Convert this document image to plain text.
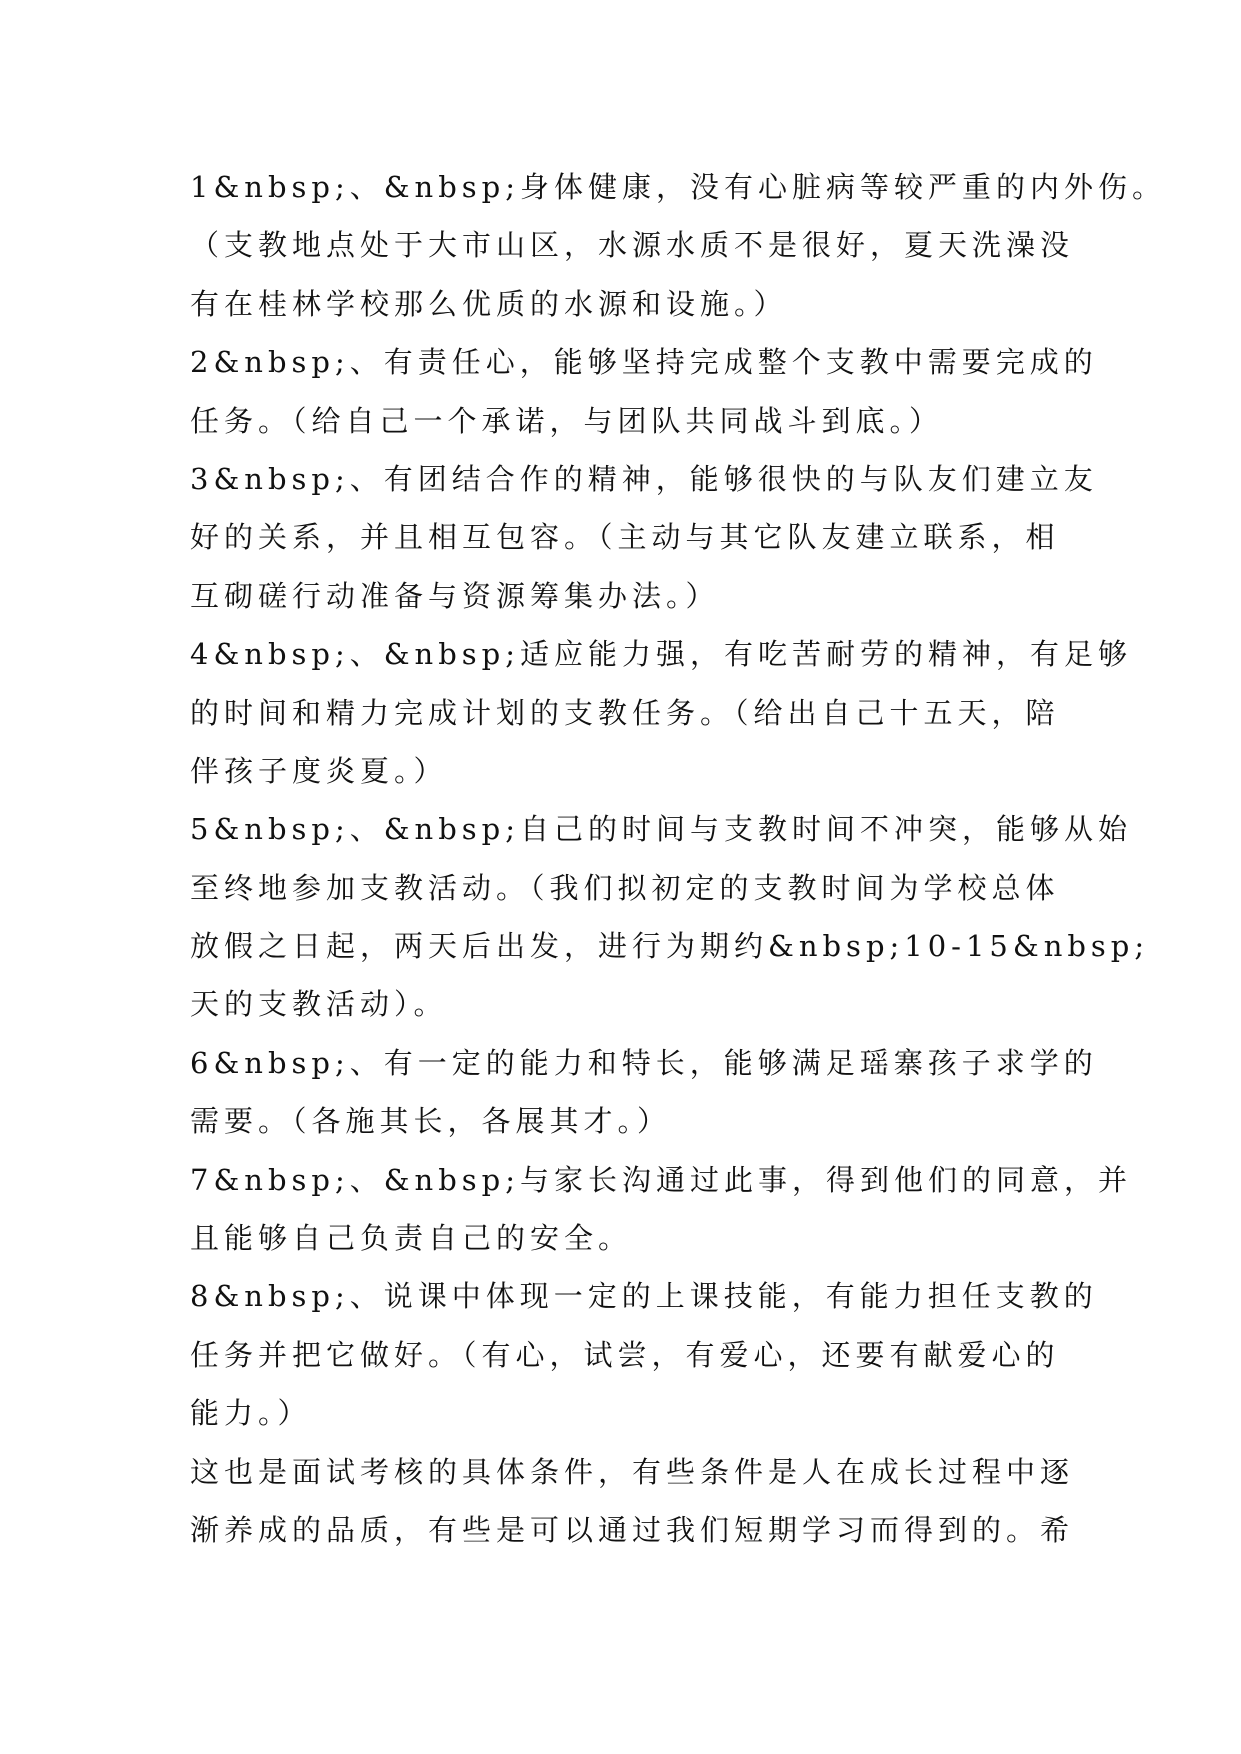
1&nbsp;、&nbsp;身体健康，没有心脏病等较严重的内外伤。
（支教地点处于大市山区，水源水质不是很好，夏天洗澡没
有在桂林学校那么优质的水源和设施。）
2&nbsp;、有责任心，能够坚持完成整个支教中需要完成的
任务。（给自己一个承诺，与团队共同战斗到底。）
3&nbsp;、有团结合作的精神，能够很快的与队友们建立友
好的关系，并且相互包容。（主动与其它队友建立联系，相
互砌磋行动准备与资源筹集办法。）
4&nbsp;、&nbsp;适应能力强，有吃苦耐劳的精神，有足够
的时间和精力完成计划的支教任务。（给出自己十五天，陪
伴孩子度炎夏。）
5&nbsp;、&nbsp;自己的时间与支教时间不冲突，能够从始
至终地参加支教活动。（我们拟初定的支教时间为学校总体
放假之日起，两天后出发，进行为期约&nbsp;10-15&nbsp;
天的支教活动）。
6&nbsp;、有一定的能力和特长，能够满足瑶寨孩子求学的
需要。（各施其长，各展其才。）
7&nbsp;、&nbsp;与家长沟通过此事，得到他们的同意，并
且能够自己负责自己的安全。
8&nbsp;、说课中体现一定的上课技能，有能力担任支教的
任务并把它做好。（有心，试尝，有爱心，还要有献爱心的
能力。）
这也是面试考核的具体条件，有些条件是人在成长过程中逐
渐养成的品质，有些是可以通过我们短期学习而得到的。希
